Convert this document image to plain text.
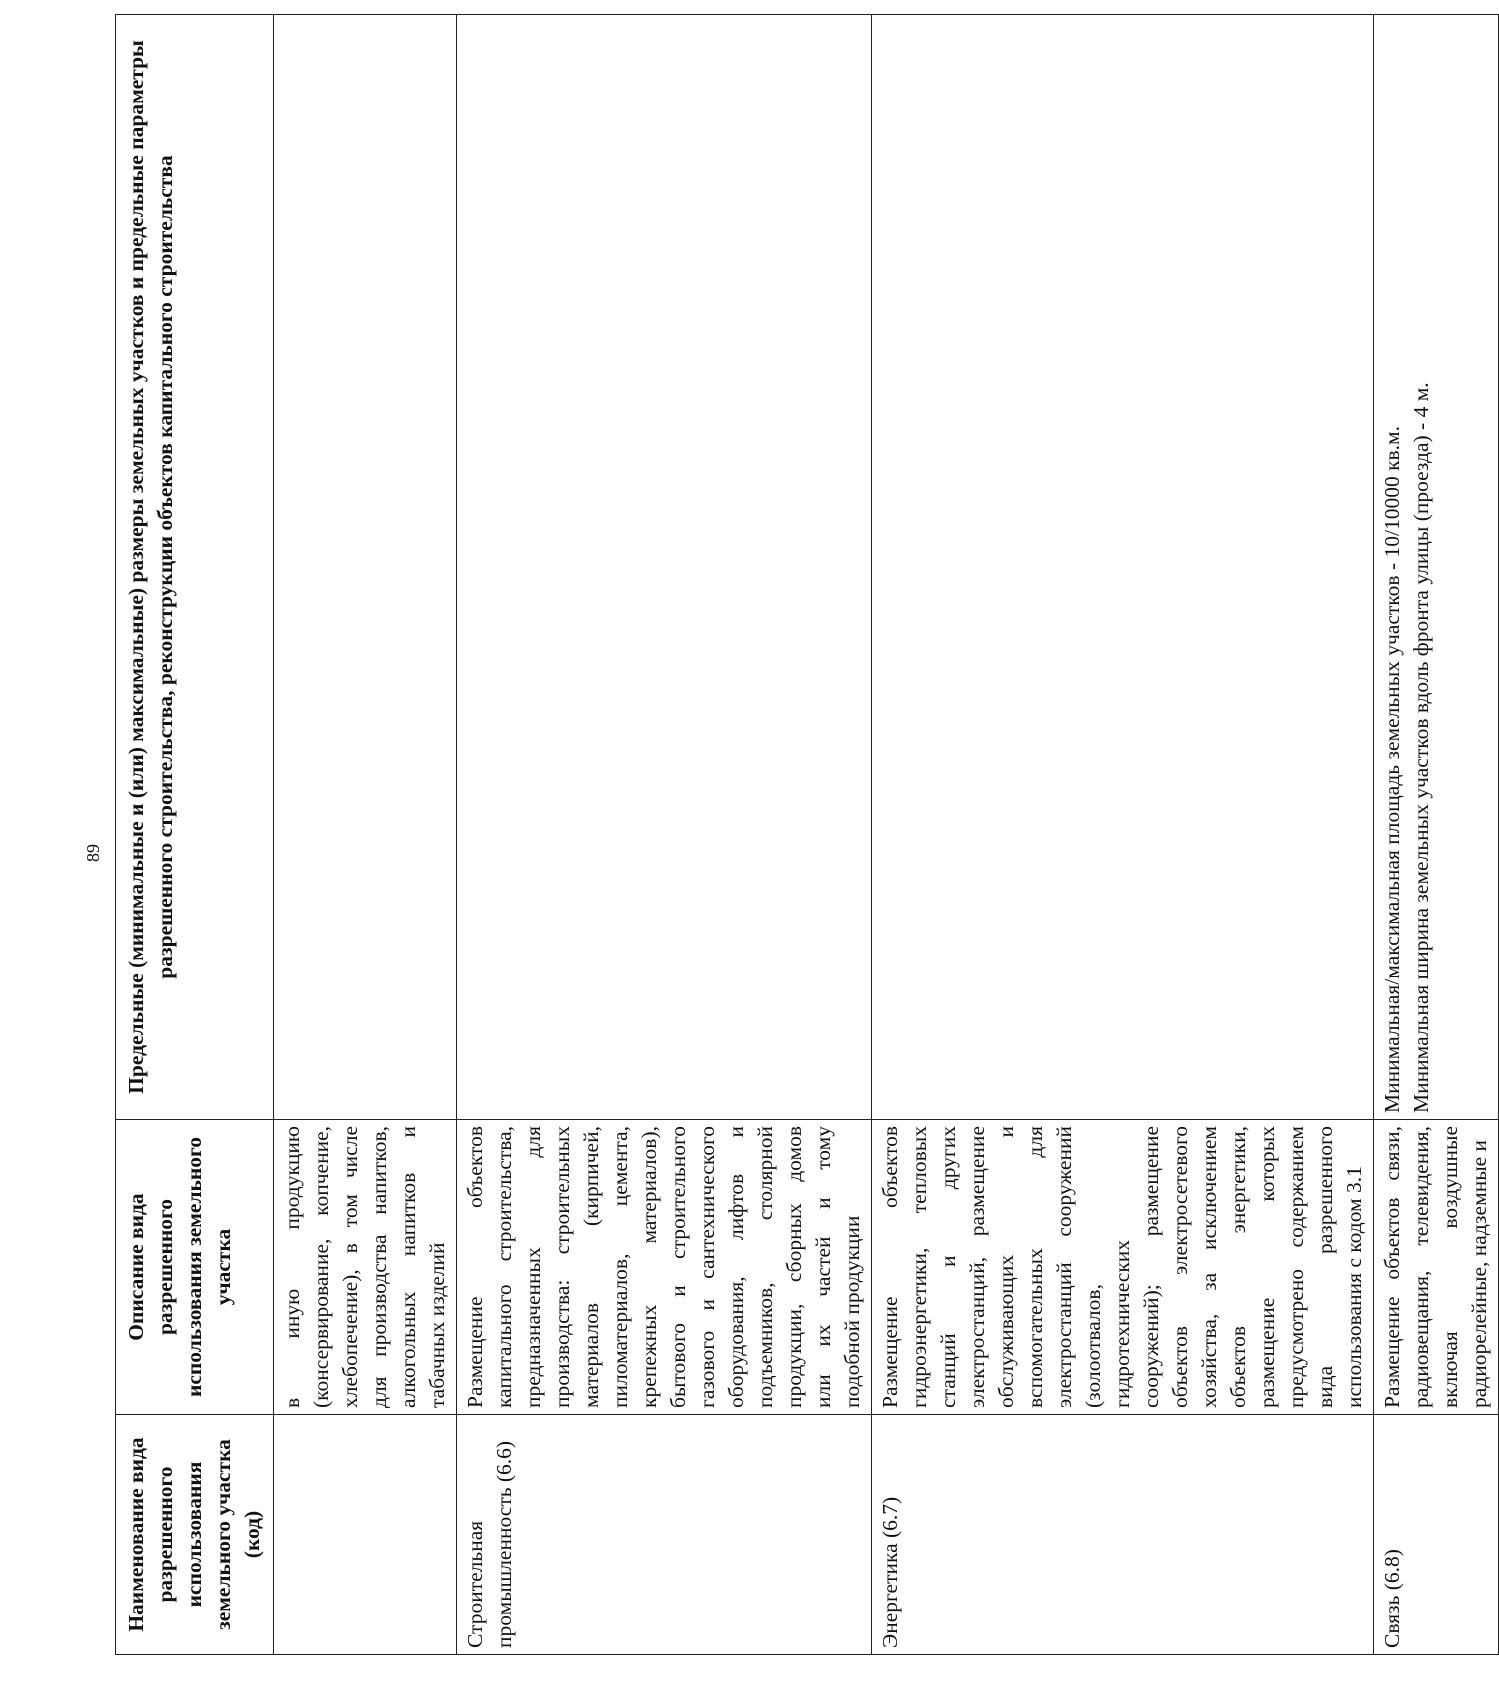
89
Наименование вида разрешенного использования земельного участка (код)	Описание вида разрешенного использования земельного участка	Предельные (минимальные и (или) максимальные) размеры земельных участков и предельные параметры разрешенного строительства, реконструкции объектов капитального строительства
	в иную продукцию (консервирование, копчение, хлебопечение), в том числе для производства напитков, алкогольных напитков и табачных изделий	
Строительная промышленность (6.6)	Размещение объектов капитального строительства, предназначенных для производства: строительных материалов (кирпичей, пиломатериалов, цемента, крепежных материалов), бытового и строительного газового и сантехнического оборудования, лифтов и подъемников, столярной продукции, сборных домов или их частей и тому подобной продукции	
Энергетика (6.7)	Размещение объектов гидроэнергетики, тепловых станций и других электростанций, размещение обслуживающих и вспомогательных для электростанций сооружений (золоотвалов, гидротехнических сооружений); размещение объектов электросетевого хозяйства, за исключением объектов энергетики, размещение которых предусмотрено содержанием вида разрешенного использования с кодом 3.1	
Связь (6.8)	Размещение объектов связи, радиовещания, телевидения, включая воздушные радиорелейные, надземные и	Минимальная/максимальная площадь земельных участков - 10/10000 кв.м. Минимальная ширина земельных участков вдоль фронта улицы (проезда) - 4 м.
